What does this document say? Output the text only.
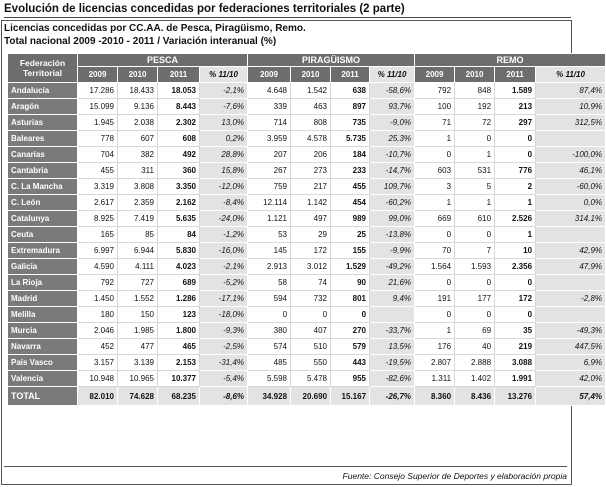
Evolución de licencias concedidas por federaciones territoriales (2 parte)
Licencias concedidas por CC.AA. de Pesca, Piragüismo, Remo.
Total nacional 2009 -2010 - 2011 / Variación interanual (%)
Federación
Territorial	PESCA				PIRAGÜISMO				REMO			
	2009	2010	2011	% 11/10	2009	2010	2011	% 11/10	2009	2010	2011	% 11/10
Andalucía	17.286	18.433	18.053	-2,1%	4.648	1.542	638	-58,6%	792	848	1.589	87,4%
Aragón	15.099	9.136	8.443	-7,6%	339	463	897	93,7%	100	192	213	10,9%
Asturias	1.945	2.038	2.302	13,0%	714	808	735	-9,0%	71	72	297	312,5%
Baleares	778	607	608	0,2%	3.959	4.578	5.735	25,3%	1	0	0	
Canarias	704	382	492	28,8%	207	206	184	-10,7%	0	1	0	-100,0%
Cantabria	455	311	360	15,8%	267	273	233	-14,7%	603	531	776	46,1%
C. La Mancha	3.319	3.808	3.350	-12,0%	759	217	455	109,7%	3	5	2	-60,0%
C. León	2.617	2.359	2.162	-8,4%	12.114	1.142	454	-60,2%	1	1	1	0,0%
Catalunya	8.925	7.419	5.635	-24,0%	1.121	497	989	99,0%	669	610	2.526	314,1%
Ceuta	165	85	84	-1,2%	53	29	25	-13,8%	0	0	1	
Extremadura	6.997	6.944	5.830	-16,0%	145	172	155	-9,9%	70	7	10	42,9%
Galicia	4.590	4.111	4.023	-2,1%	2.913	3.012	1.529	-49,2%	1.564	1.593	2.356	47,9%
La Rioja	792	727	689	-5,2%	58	74	90	21,6%	0	0	0	
Madrid	1.450	1.552	1.286	-17,1%	594	732	801	9,4%	191	177	172	-2,8%
Melilla	180	150	123	-18,0%	0	0	0		0	0	0	
Murcia	2.046	1.985	1.800	-9,3%	380	407	270	-33,7%	1	69	35	-49,3%
Navarra	452	477	465	-2,5%	574	510	579	13,5%	176	40	219	447,5%
País Vasco	3.157	3.139	2.153	-31,4%	485	550	443	-19,5%	2.807	2.888	3.088	6,9%
Valencia	10.948	10.965	10.377	-5,4%	5.598	5.478	955	-82,6%	1.311	1.402	1.991	42,0%
TOTAL	82.010	74.628	68.235	-8,6%	34.928	20.690	15.167	-26,7%	8.360	8.436	13.276	57,4%
Fuente: Consejo Superior de Deportes y elaboración propia
